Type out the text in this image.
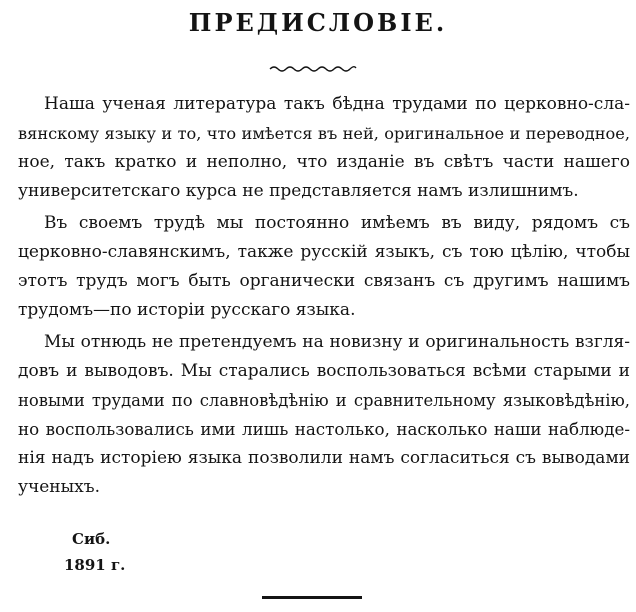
ПРЕДИСЛОВІЕ.
Наша ученая литература такъ бѣдна трудами по церковно-сла-
вянскому языку и то, что имѣется въ ней, оригинальное и переводное,
ное, такъ кратко и неполно, что изданіе въ свѣтъ части нашего
университетскаго курса не представляется намъ излишнимъ.
Въ своемъ трудѣ мы постоянно имѣемъ въ виду, рядомъ съ
церковно-славянскимъ, также русскій языкъ, съ тою цѣлію, чтобы
этотъ трудъ могъ быть органически связанъ съ другимъ нашимъ
трудомъ—по исторіи русскаго языка.
Мы отнюдь не претендуемъ на новизну и оригинальность взгля-
довъ и выводовъ. Мы старались воспользоваться всѣми старыми и
новыми трудами по славновѣдѣнію и сравнительному языковѣдѣнію,
но воспользовались ими лишь настолько, насколько наши наблюде-
нія надъ исторіею языка позволили намъ согласиться съ выводами
ученыхъ.
Сиб.
1891 г.
